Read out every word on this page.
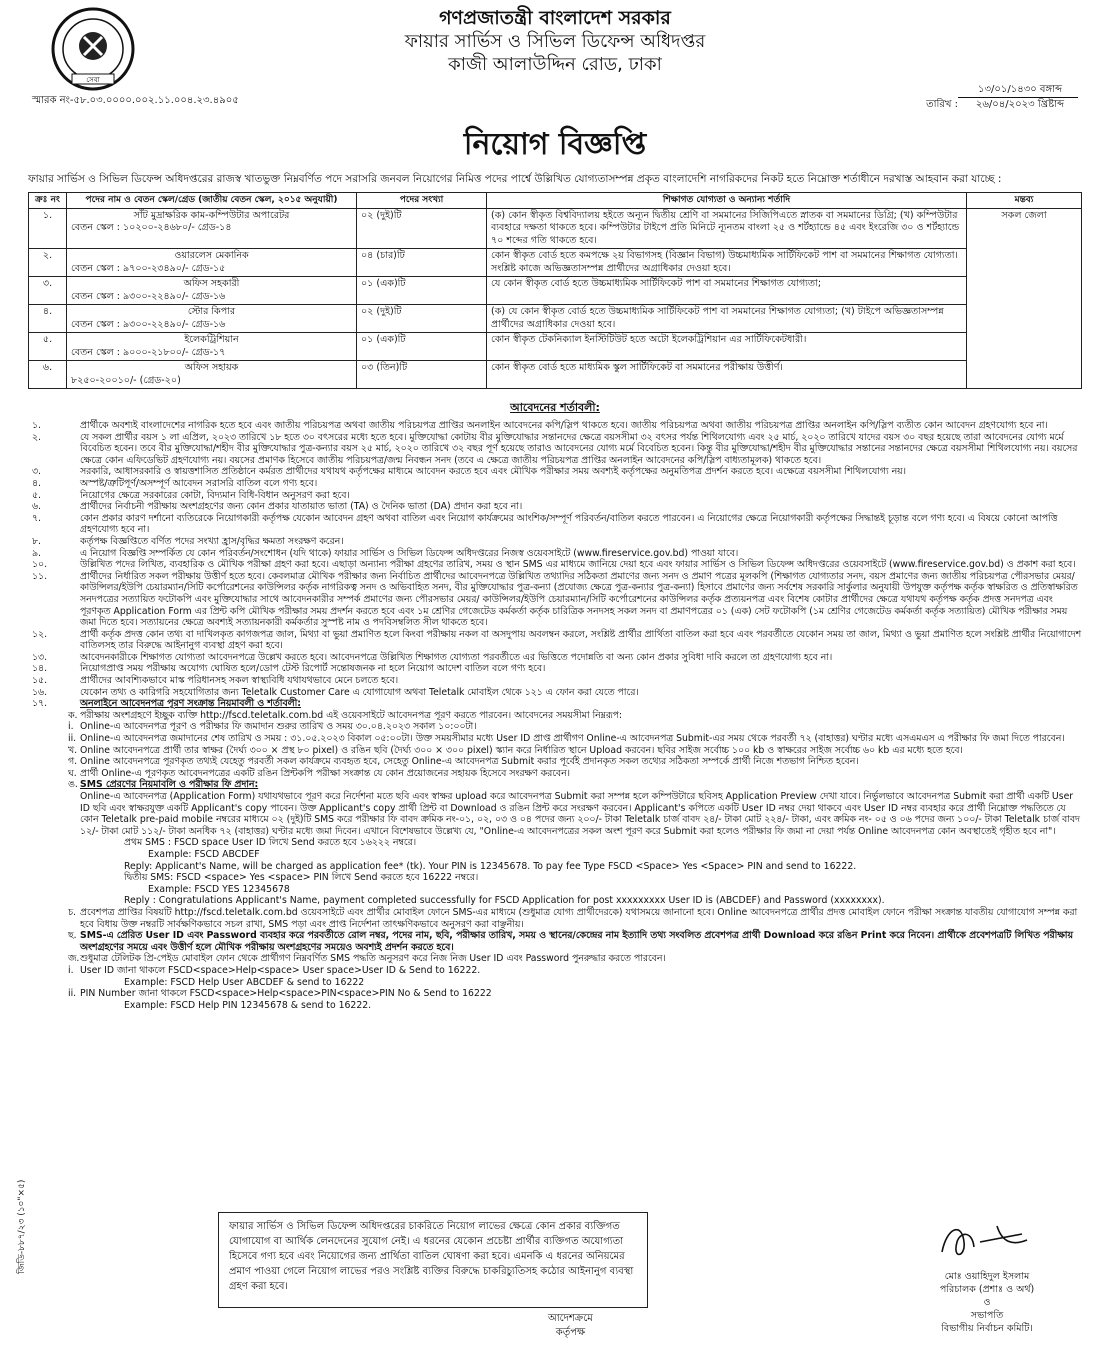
সেবা
গণপ্রজাতন্ত্রী বাংলাদেশ সরকার
ফায়ার সার্ভিস ও সিভিল ডিফেন্স অধিদপ্তর
কাজী আলাউদ্দিন রোড, ঢাকা
স্মারক নং-৫৮.০৩.০০০০.০০২.১১.০০৪.২৩.৪৯০৫
১৩/০১/১৪৩০ বঙ্গাব্দ
তারিখ : ২৬/০৪/২০২৩ খ্রিষ্টাব্দ
নিয়োগ বিজ্ঞপ্তি
ফায়ার সার্ভিস ও সিভিল ডিফেন্স অধিদপ্তরের রাজস্ব খাতভুক্ত নিম্নবর্ণিত পদে সরাসরি জনবল নিয়োগের নিমিত্ত পদের পার্শ্বে উল্লিখিত যোগ্যতাসম্পন্ন প্রকৃত বাংলাদেশি নাগরিকদের নিকট হতে নিম্নোক্ত শর্তাধীনে দরখাস্ত আহবান করা যাচ্ছে :
ক্রঃ নং	পদের নাম ও বেতন স্কেল/গ্রেড (জাতীয় বেতন স্কেল, ২০১৫ অনুযায়ী)	পদের সংখ্যা	শিক্ষাগত যোগ্যতা ও অন্যান্য শর্তাদি	মন্তব্য
১.	সাঁট মুদ্রাক্ষরিক কাম-কম্পিউটার অপারেটর
বেতন স্কেল : ১০২০০-২৪৬৮০/- গ্রেড-১৪	০২ (দুই)টি	(ক) কোন স্বীকৃত বিশ্ববিদ্যালয় হইতে অন্যূন দ্বিতীয় শ্রেণি বা সমমানের সিজিপিএতে স্নাতক বা সমমানের ডিগ্রি; (খ) কম্পিউটার ব্যবহারে দক্ষতা থাকতে হবে। কম্পিউটার টাইপে প্রতি মিনিটে ন্যূনতম বাংলা ২৫ ও শর্টহ্যান্ডে ৪৫ এবং ইংরেজি ৩০ ও শর্টহ্যান্ডে ৭০ শব্দের গতি থাকতে হবে।	সকল জেলা
২.	ওয়ারলেস মেকানিক
বেতন স্কেল : ৯৭০০-২৩৪৯০/- গ্রেড-১৫	০৪ (চার)টি	কোন স্বীকৃত বোর্ড হতে কমপক্ষে ২য় বিভাগসহ (বিজ্ঞান বিভাগ) উচ্চমাধ্যমিক সার্টিফিকেট পাশ বা সমমানের শিক্ষাগত যোগ্যতা। সংশ্লিষ্ট কাজে অভিজ্ঞতাসম্পন্ন প্রার্থীদের অগ্রাধিকার দেওয়া হবে।	
৩.	অফিস সহকারী
বেতন স্কেল : ৯৩০০-২২৪৯০/- গ্রেড-১৬	০১ (এক)টি	যে কোন স্বীকৃত বোর্ড হতে উচ্চমাধ্যমিক সার্টিফিকেট পাশ বা সমমানের শিক্ষাগত যোগ্যতা;	
৪.	স্টোর কিপার
বেতন স্কেল : ৯৩০০-২২৪৯০/- গ্রেড-১৬	০২ (দুই)টি	(ক) যে কোন স্বীকৃত বোর্ড হতে উচ্চমাধ্যমিক সার্টিফিকেট পাশ বা সমমানের শিক্ষাগত যোগ্যতা; (খ) টাইপে অভিজ্ঞতাসম্পন্ন প্রার্থীদের অগ্রাধিকার দেওয়া হবে।	
৫.	ইলেকট্রিশিয়ান
বেতন স্কেল : ৯০০০-২১৮০০/- গ্রেড-১৭	০১ (এক)টি	কোন স্বীকৃত টেকনিক্যাল ইনস্টিটিউট হতে অটো ইলেকট্রিশিয়ান এর সার্টিফিকেটধারী।	
৬.	অফিস সহায়ক
৮২৫০-২০০১০/- (গ্রেড-২০)	০৩ (তিন)টি	কোন স্বীকৃত বোর্ড হতে মাধ্যমিক স্কুল সার্টিফিকেট বা সমমানের পরীক্ষায় উত্তীর্ণ।	
আবেদনের শর্তাবলী:
১.	প্রার্থীকে অবশ্যই বাংলাদেশের নাগরিক হতে হবে এবং জাতীয় পরিচয়পত্র অথবা জাতীয় পরিচয়পত্র প্রাপ্তির অনলাইন আবেদনের কপি/স্লিপ থাকতে হবে। জাতীয় পরিচয়পত্র অথবা জাতীয় পরিচয়পত্র প্রাপ্তির অনলাইন কপি/স্লিপ ব্যতীত কোন আবেদন গ্রহণযোগ্য হবে না।
২.	যে সকল প্রার্থীর বয়স ১ লা এপ্রিল, ২০২৩ তারিখে ১৮ হতে ৩০ বৎসরের মধ্যে হতে হবে। মুক্তিযোদ্ধা কোটায় বীর মুক্তিযোদ্ধার সন্তানদের ক্ষেত্রে বয়সসীমা ৩২ বৎসর পর্যন্ত শিথিলযোগ্য এবং ২৫ মার্চ, ২০২০ তারিখে যাদের বয়স ৩০ বছর হয়েছে তারা আবেদনের যোগ্য মর্মে বিবেচিত হবেন। তবে বীর মুক্তিযোদ্ধা/শহীদ বীর মুক্তিযোদ্ধার পুত্র-কন্যার বয়স ২৫ মার্চ, ২০২০ তারিখে ৩২ বছর পূর্ণ হয়েছে তারাও আবেদনের যোগ্য মর্মে বিবেচিত হবেন। কিন্তু বীর মুক্তিযোদ্ধা/শহীদ বীর মুক্তিযোদ্ধার সন্তানের সন্তানদের ক্ষেত্রে বয়সসীমা শিথিলযোগ্য নয়। বয়সের ক্ষেত্রে কোন এফিডেভিট গ্রহণযোগ্য নয়। বয়সের প্রমাণক হিসেবে জাতীয় পরিচয়পত্র/জন্ম নিবন্ধন সনদ (তবে এ ক্ষেত্রে জাতীয় পরিচয়পত্র প্রাপ্তির অনলাইন আবেদনের কপি/স্লিপ বাধ্যতামূলক) থাকতে হবে।
৩.	সরকারি, আধাসরকারি ও স্বায়ত্তশাসিত প্রতিষ্ঠানে কর্মরত প্রার্থীদের যথাযথ কর্তৃপক্ষের মাধ্যমে আবেদন করতে হবে এবং মৌখিক পরীক্ষার সময় অবশ্যই কর্তৃপক্ষের অনুমতিপত্র প্রদর্শন করতে হবে। এক্ষেত্রে বয়সসীমা শিথিলযোগ্য নয়।
৪.	অস্পষ্ট/ত্রুটিপূর্ণ/অসম্পূর্ণ আবেদন সরাসরি বাতিল বলে গণ্য হবে।
৫.	নিয়োগের ক্ষেত্রে সরকারের কোটা, বিদ্যমান বিধি-বিধান অনুসরণ করা হবে।
৬.	প্রার্থীদের নির্বাচনী পরীক্ষায় অংশগ্রহণের জন্য কোন প্রকার যাতায়াত ভাতা (TA) ও দৈনিক ভাতা (DA) প্রদান করা হবে না।
৭.	কোন প্রকার কারণ দর্শানো ব্যতিরেকে নিয়োগকারী কর্তৃপক্ষ যেকোন আবেদন গ্রহণ অথবা বাতিল এবং নিয়োগ কার্যক্রমের আংশিক/সম্পূর্ণ পরিবর্তন/বাতিল করতে পারবেন। এ নিয়োগের ক্ষেত্রে নিয়োগকারী কর্তৃপক্ষের সিদ্ধান্তই চূড়ান্ত বলে গণ্য হবে। এ বিষয়ে কোনো আপত্তি গ্রহণযোগ্য হবে না।
৮.	কর্তৃপক্ষ বিজ্ঞপ্তিতে বর্ণিত পদের সংখ্যা হ্রাস/বৃদ্ধির ক্ষমতা সংরক্ষণ করেন।
৯.	এ নিয়োগ বিজ্ঞপ্তি সম্পর্কিত যে কোন পরিবর্তন/সংশোধন (যদি থাকে) ফায়ার সার্ভিস ও সিভিল ডিফেন্স অধিদপ্তরের নিজস্ব ওয়েবসাইটে (www.fireservice.gov.bd) পাওয়া যাবে।
১০.	উল্লিখিত পদের লিখিত, ব্যবহারিক ও মৌখিক পরীক্ষা গ্রহণ করা হবে। এছাড়া অন্যান্য পরীক্ষা গ্রহণের তারিখ, সময় ও স্থান SMS এর মাধ্যমে জানিয়ে দেয়া হবে এবং ফায়ার সার্ভিস ও সিভিল ডিফেন্স অধিদপ্তরের ওয়েবসাইটে (www.fireservice.gov.bd) ও প্রকাশ করা হবে।
১১.	প্রার্থীদের নির্ধারিত সকল পরীক্ষায় উত্তীর্ণ হতে হবে। কেবলমাত্র মৌখিক পরীক্ষার জন্য নির্বাচিত প্রার্থীদের আবেদনপত্রে উল্লিখিত তথ্যাদির সঠিকতা প্রমাণের জন্য সনদ ও প্রমাণ পত্রের মূলকপি (শিক্ষাগত যোগ্যতার সনদ, বয়স প্রমাণের জন্য জাতীয় পরিচয়পত্র পৌরসভার মেয়র/কাউন্সিলর/ইউপি চেয়ারম্যান/সিটি কর্পোরেশনের কাউন্সিলর কর্তৃক নাগরিকত্ব সনদ ও অভিবাহিত সনদ, বীর মুক্তিযোদ্ধার পুত্র-কন্যা (প্রযোজ্য ক্ষেত্রে পুত্র-কন্যার পুত্র-কন্যা) হিসাবে প্রমাণের জন্য সর্বশেষ সরকারি সার্কুলার অনুযায়ী উপযুক্ত কর্তৃপক্ষ কর্তৃক স্বাক্ষরিত ও প্রতিস্বাক্ষরিত সনদপত্রের সত্যায়িত ফটোকপি এবং মুক্তিযোদ্ধার সাথে আবেদনকারীর সম্পর্ক প্রমাণের জন্য পৌরসভার মেয়র/ কাউন্সিলর/ইউপি চেয়ারম্যান/সিটি কর্পোরেশনের কাউন্সিলর কর্তৃক প্রত্যয়নপত্র এবং বিশেষ কোটার প্রার্থীদের ক্ষেত্রে যথাযথ কর্তৃপক্ষ কর্তৃক প্রদত্ত সনদপত্র এবং পূরণকৃত Application Form এর প্রিন্ট কপি মৌখিক পরীক্ষার সময় প্রদর্শন করতে হবে এবং ১ম শ্রেণির গেজেটেড কর্মকর্তা কর্তৃক চারিত্রিক সনদসহ সকল সনদ বা প্রমাণপত্রের ০১ (এক) সেট ফটোকপি (১ম শ্রেণির গেজেটেড কর্মকর্তা কর্তৃক সত্যায়িত) মৌখিক পরীক্ষার সময় জমা দিতে হবে। সত্যায়নের ক্ষেত্রে অবশ্যই সত্যায়নকারী কর্মকর্তার সুস্পষ্ট নাম ও পদবিসম্বলিত সীল থাকতে হবে।
১২.	প্রার্থী কর্তৃক প্রদত্ত কোন তথ্য বা দাখিলকৃত কাগজপত্র জাল, মিথ্যা বা ভুয়া প্রমাণিত হলে কিংবা পরীক্ষায় নকল বা অসদুপায় অবলম্বন করলে, সংশ্লিষ্ট প্রার্থীর প্রার্থিতা বাতিল করা হবে এবং পরবর্তীতে যেকোন সময় তা জাল, মিথ্যা ও ভুয়া প্রমাণিত হলে সংশ্লিষ্ট প্রার্থীর নিয়োগাদেশ বাতিলসহ তার বিরুদ্ধে আইনানুগ ব্যবস্থা গ্রহণ করা হবে।
১৩.	আবেদনকারীকে শিক্ষাগত যোগ্যতা আবেদনপত্রে উল্লেখ করতে হবে। আবেদনপত্রে উল্লিখিত শিক্ষাগত যোগ্যতা পরবর্তীতে এর ভিত্তিতে পদোন্নতি বা অন্য কোন প্রকার সুবিধা দাবি করলে তা গ্রহণযোগ্য হবে না।
১৪.	নিয়োগপ্রাপ্ত সময় পরীক্ষায় অযোগ্য ঘোষিত হলে/ডোপ টেস্ট রিপোর্ট সন্তোষজনক না হলে নিয়োগ আদেশ বাতিল বলে গণ্য হবে।
১৫.	প্রার্থীদের আবশ্যিকভাবে মাস্ক পরিধানসহ সকল স্বাস্থ্যবিধি যথাযথভাবে মেনে চলতে হবে।
১৬.	যেকোন তথ্য ও কারিগরি সহযোগিতার জন্য Teletalk Customer Care এ যোগাযোগ অথবা Teletalk মোবাইল থেকে ১২১ এ ফোন করা যেতে পারে।
১৭.	অনলাইনে আবেদনপত্র পূরণ সংক্রান্ত নিয়মাবলী ও শর্তাবলী:
ক. পরীক্ষায় অংশগ্রহণে ইচ্ছুক ব্যক্তি http://fscd.teletalk.com.bd এই ওয়েবসাইটে আবেদনপত্র পূরণ করতে পারবেন। আবেদনের সময়সীমা নিম্নরূপ:
i. Online-এ আবেদনপত্র পূরণ ও পরীক্ষার ফি জমাদান শুরুর তারিখ ও সময় ৩০.০৪.২০২৩ সকাল ১০:০০টা।
ii. Online-এ আবেদনপত্র জমাদানের শেষ তারিখ ও সময় : ৩১.০৫.২০২৩ বিকাল ০৫:০০টা। উক্ত সময়সীমার মধ্যে User ID প্রাপ্ত প্রার্থীগণ Online-এ আবেদনপত্র Submit-এর সময় থেকে পরবর্তী ৭২ (বাহাত্তর) ঘণ্টার মধ্যে এসএমএস এ পরীক্ষার ফি জমা দিতে পারবেন।
খ. Online আবেদনপত্রে প্রার্থী তার স্বাক্ষর (দৈর্ঘ্য ৩০০ × প্রস্থ ৮০ pixel) ও রঙিন ছবি (দৈর্ঘ্য ৩০০ × ৩০০ pixel) স্ক্যান করে নির্ধারিত স্থানে Upload করবেন। ছবির সাইজ সর্বোচ্চ ১০০ kb ও স্বাক্ষরের সাইজ সর্বোচ্চ ৬০ kb এর মধ্যে হতে হবে।
গ. Online আবেদনপত্রে পূরণকৃত তথ্যই যেহেতু পরবর্তী সকল কার্যক্রমে ব্যবহৃত হবে, সেহেতু Online-এ আবেদনপত্র Submit করার পূর্বেই প্রদানকৃত সকল তথ্যের সঠিকতা সম্পর্কে প্রার্থী নিজে শতভাগ নিশ্চিত হবেন।
ঘ. প্রার্থী Online-এ পূরণকৃত আবেদনপত্রের একটি রঙিন প্রিন্টকপি পরীক্ষা সংক্রান্ত যে কোন প্রয়োজনের সহায়ক হিসেবে সংরক্ষণ করবেন।
ঙ. SMS প্রেরণের নিয়মাবলি ও পরীক্ষার ফি প্রদান:
Online-এ আবেদনপত্র (Application Form) যথাযথভাবে পূরণ করে নির্দেশনা মতে ছবি এবং স্বাক্ষর upload করে আবেদনপত্র Submit করা সম্পন্ন হলে কম্পিউটারে ছবিসহ Application Preview দেখা যাবে। নির্ভুলভাবে আবেদনপত্র Submit করা প্রার্থী একটি User ID ছবি এবং স্বাক্ষরযুক্ত একটি Applicant's copy পাবেন। উক্ত Applicant's copy প্রার্থী প্রিন্ট বা Download ও রঙিন প্রিন্ট করে সংরক্ষণ করবেন। Applicant's কপিতে একটি User ID নম্বর দেয়া থাকবে এবং User ID নম্বর ব্যবহার করে প্রার্থী নিম্নোক্ত পদ্ধতিতে যে কোন Teletalk pre-paid mobile নম্বরের মাধ্যমে ০২ (দুই)টি SMS করে পরীক্ষার ফি বাবদ ক্রমিক নং-০১, ০২, ০৩ ও ০৪ পদের জন্য ২০০/- টাকা Teletalk চার্জ বাবদ ২৪/- টাকা মোট ২২৪/- টাকা, এবং ক্রমিক নং- ০৫ ও ০৬ পদের জন্য ১০০/- টাকা Teletalk চার্জ বাবদ ১২/- টাকা মোট ১১২/- টাকা অনধিক ৭২ (বাহাত্তর) ঘণ্টার মধ্যে জমা দিবেন। এখানে বিশেষভাবে উল্লেখ্য যে, "Online-এ আবেদনপত্রের সকল অংশ পূরণ করে Submit করা হলেও পরীক্ষার ফি জমা না দেয়া পর্যন্ত Online আবেদনপত্র কোন অবস্থাতেই গৃহীত হবে না"।
প্রথম SMS : FSCD space User ID লিখে Send করতে হবে ১৬২২২ নম্বরে।
Example: FSCD ABCDEF
Reply: Applicant's Name, will be charged as application fee* (tk). Your PIN is 12345678. To pay fee Type FSCD <Space> Yes <Space> PIN and send to 16222.
দ্বিতীয় SMS: FSCD <space> Yes <space> PIN লিখে Send করতে হবে 16222 নম্বরে।
Example: FSCD YES 12345678
Reply : Congratulations Applicant's Name, payment completed successfully for FSCD Application for post xxxxxxxxx User ID is (ABCDEF) and Password (xxxxxxxx).
চ. প্রবেশপত্র প্রাপ্তির বিষয়টি http://fscd.teletalk.com.bd ওয়েবসাইটে এবং প্রার্থীর মোবাইল ফোনে SMS-এর মাধ্যমে (শুধুমাত্র যোগ্য প্রার্থীদেরকে) যথাসময়ে জানানো হবে। Online আবেদনপত্রে প্রার্থীর প্রদত্ত মোবাইল ফোনে পরীক্ষা সংক্রান্ত যাবতীয় যোগাযোগ সম্পন্ন করা হবে বিধায় উক্ত নম্বরটি সার্বক্ষণিকভাবে সচল রাখা, SMS পড়া এবং প্রাপ্ত নির্দেশনা তাৎক্ষণিকভাবে অনুসরণ করা বাঞ্ছনীয়।
ছ. SMS-এ প্রেরিত User ID এবং Password ব্যবহার করে পরবর্তীতে রোল নম্বর, পদের নাম, ছবি, পরীক্ষার তারিখ, সময় ও স্থানের/কেন্দ্রের নাম ইত্যাদি তথ্য সংবলিত প্রবেশপত্র প্রার্থী Download করে রঙিন Print করে নিবেন। প্রার্থীকে প্রবেশপত্রটি লিখিত পরীক্ষায় অংশগ্রহণের সময়ে এবং উত্তীর্ণ হলে মৌখিক পরীক্ষায় অংশগ্রহণের সময়েও অবশ্যই প্রদর্শন করতে হবে।
জ. শুধুমাত্র টেলিটক প্রি-পেইড মোবাইল ফোন থেকে প্রার্থীগণ নিম্নবর্ণিত SMS পদ্ধতি অনুসরণ করে নিজ নিজ User ID এবং Password পুনরুদ্ধার করতে পারবেন।
i. User ID জানা থাকলে FSCD<space>Help<space> User space>User ID & Send to 16222.
Example: FSCD Help User ABCDEF & send to 16222
ii. PIN Number জানা থাকলে FSCD<space>Help<space>PIN<space>PIN No & Send to 16222
Example: FSCD Help PIN 12345678 & send to 16222.
জিডি-৮৮৭/২৩ (১০"×৫)	ফায়ার সার্ভিস ও সিভিল ডিফেন্স অধিদপ্তরের চাকরিতে নিয়োগ লাভের ক্ষেত্রে কোন প্রকার ব্যক্তিগত যোগাযোগ বা আর্থিক লেনদেনের সুযোগ নেই। এ ধরনের যেকোন প্রচেষ্টা প্রার্থীর ব্যক্তিগত অযোগ্যতা হিসেবে গণ্য হবে এবং নিয়োগের জন্য প্রার্থিতা বাতিল ঘোষণা করা হবে। এমনকি এ ধরনের অনিয়মের প্রমাণ পাওয়া গেলে নিয়োগ লাভের পরও সংশ্লিষ্ট ব্যক্তির বিরুদ্ধে চাকরিচ্যুতিসহ কঠোর আইনানুগ ব্যবস্থা গ্রহণ করা হবে।
আদেশক্রমে
কর্তৃপক্ষ
মোঃ ওয়াহিদুল ইসলাম
পরিচালক (প্রশাঃ ও অর্থ)
ও
সভাপতি
বিভাগীয় নির্বাচন কমিটি।
